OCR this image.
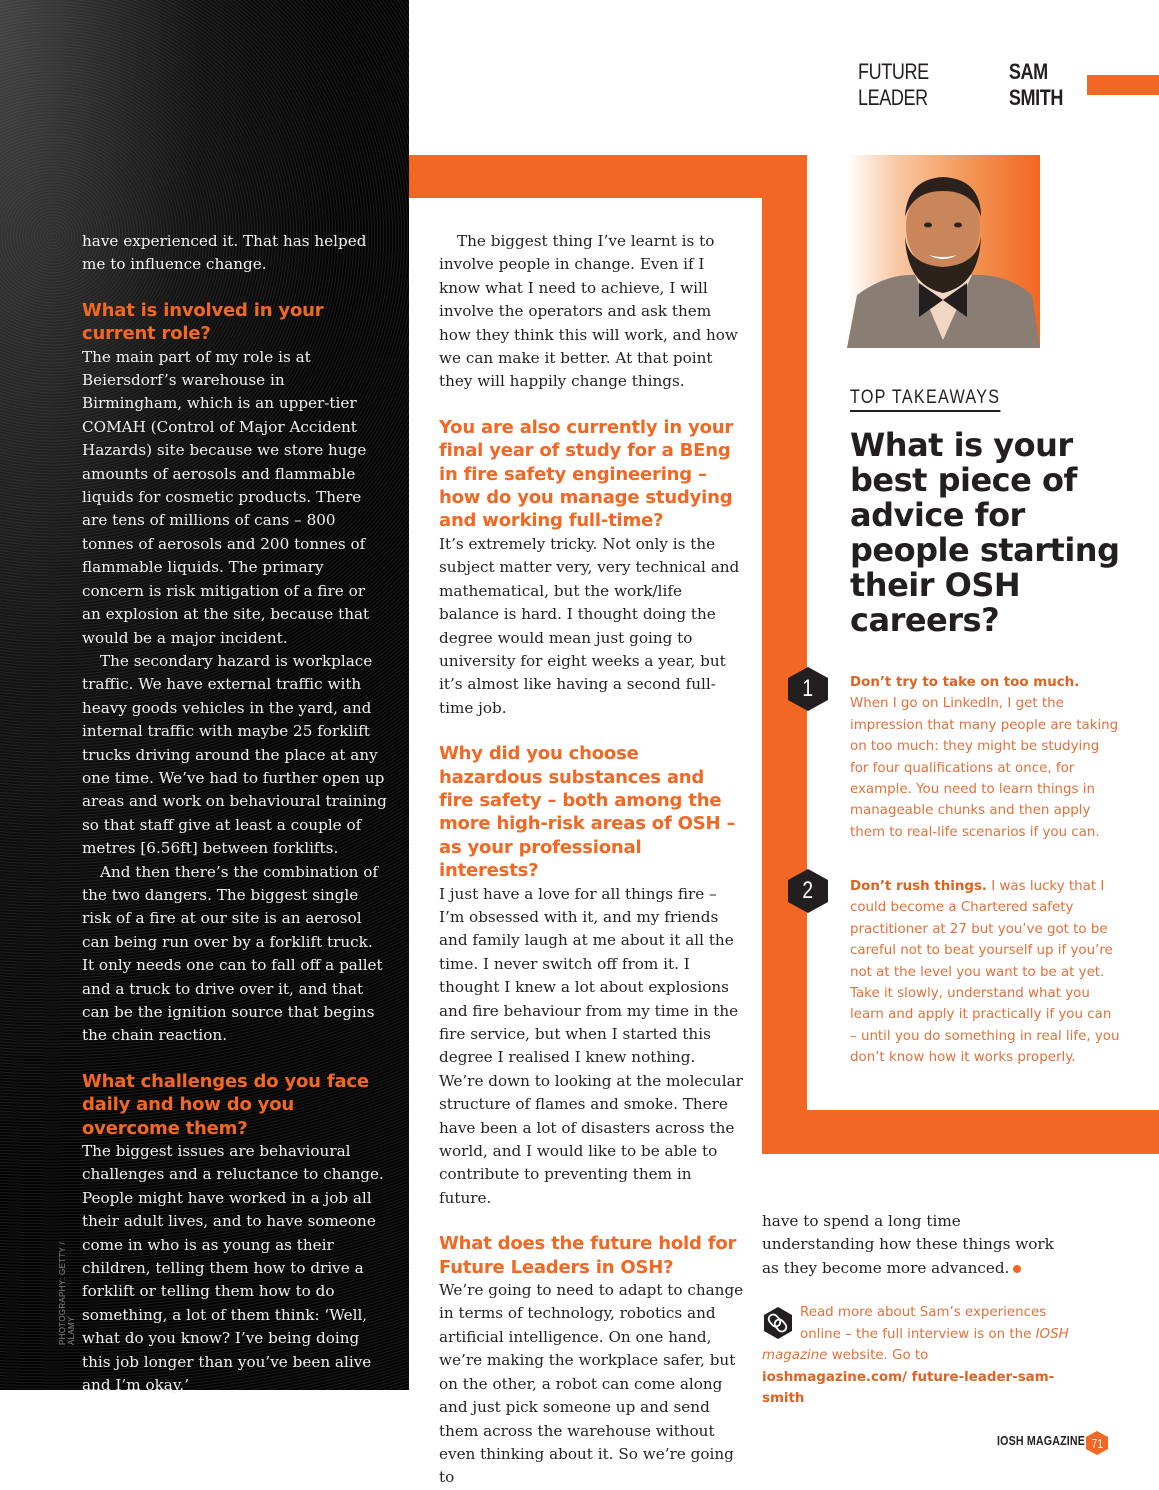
FUTURE LEADER
SAM SMITH

have experienced it. That has helped me to influence change.

What is involved in your current role?

The main part of my role is at Beiersdorf’s warehouse in Birmingham, which is an upper-tier COMAH (Control of Major Accident Hazards) site because we store huge amounts of aerosols and flammable liquids for cosmetic products. There are tens of millions of cans – 800 tonnes of aerosols and 200 tonnes of flammable liquids. The primary concern is risk mitigation of a fire or an explosion at the site, because that would be a major incident.

The secondary hazard is workplace traffic. We have external traffic with heavy goods vehicles in the yard, and internal traffic with maybe 25 forklift trucks driving around the place at any one time. We’ve had to further open up areas and work on behavioural training so that staff give at least a couple of metres [6.56ft] between forklifts.

And then there’s the combination of the two dangers. The biggest single risk of a fire at our site is an aerosol can being run over by a forklift truck. It only needs one can to fall off a pallet and a truck to drive over it, and that can be the ignition source that begins the chain reaction.

What challenges do you face daily and how do you overcome them?

The biggest issues are behavioural challenges and a reluctance to change. People might have worked in a job all their adult lives, and to have someone come in who is as young as their children, telling them how to drive a forklift or telling them how to do something, a lot of them think: ‘Well, what do you know? I’ve being doing this job longer than you’ve been alive and I’m okay.’

PHOTOGRAPHY: GETTY / ALAMY

The biggest thing I’ve learnt is to involve people in change. Even if I know what I need to achieve, I will involve the operators and ask them how they think this will work, and how we can make it better. At that point they will happily change things.

You are also currently in your final year of study for a BEng in fire safety engineering – how do you manage studying and working full-time?

It’s extremely tricky. Not only is the subject matter very, very technical and mathematical, but the work/life balance is hard. I thought doing the degree would mean just going to university for eight weeks a year, but it’s almost like having a second full-time job.

Why did you choose hazardous substances and fire safety – both among the more high-risk areas of OSH – as your professional interests?

I just have a love for all things fire – I’m obsessed with it, and my friends and family laugh at me about it all the time. I never switch off from it. I thought I knew a lot about explosions and fire behaviour from my time in the fire service, but when I started this degree I realised I knew nothing. We’re down to looking at the molecular structure of flames and smoke. There have been a lot of disasters across the world, and I would like to be able to contribute to preventing them in future.

What does the future hold for Future Leaders in OSH?

We’re going to need to adapt to change in terms of technology, robotics and artificial intelligence. On one hand, we’re making the workplace safer, but on the other, a robot can come along and just pick someone up and send them across the warehouse without even thinking about it. So we’re going to

TOP TAKEAWAYS
What is your best piece of advice for people starting their OSH careers?
1	Don’t try to take on too much. When I go on LinkedIn, I get the impression that many people are taking on too much: they might be studying for four qualifications at once, for example. You need to learn things in manageable chunks and then apply them to real-life scenarios if you can.
2	Don’t rush things. I was lucky that I could become a Chartered safety practitioner at 27 but you’ve got to be careful not to beat yourself up if you’re not at the level you want to be at yet. Take it slowly, understand what you learn and apply it practically if you can – until you do something in real life, you don’t know how it works properly.

have to spend a long time understanding how these things work as they become more advanced.

Read more about Sam’s experiences online – the full interview is on the IOSH magazine website. Go to ioshmagazine.com/ future-leader-sam-smith
IOSH MAGAZINE 71
